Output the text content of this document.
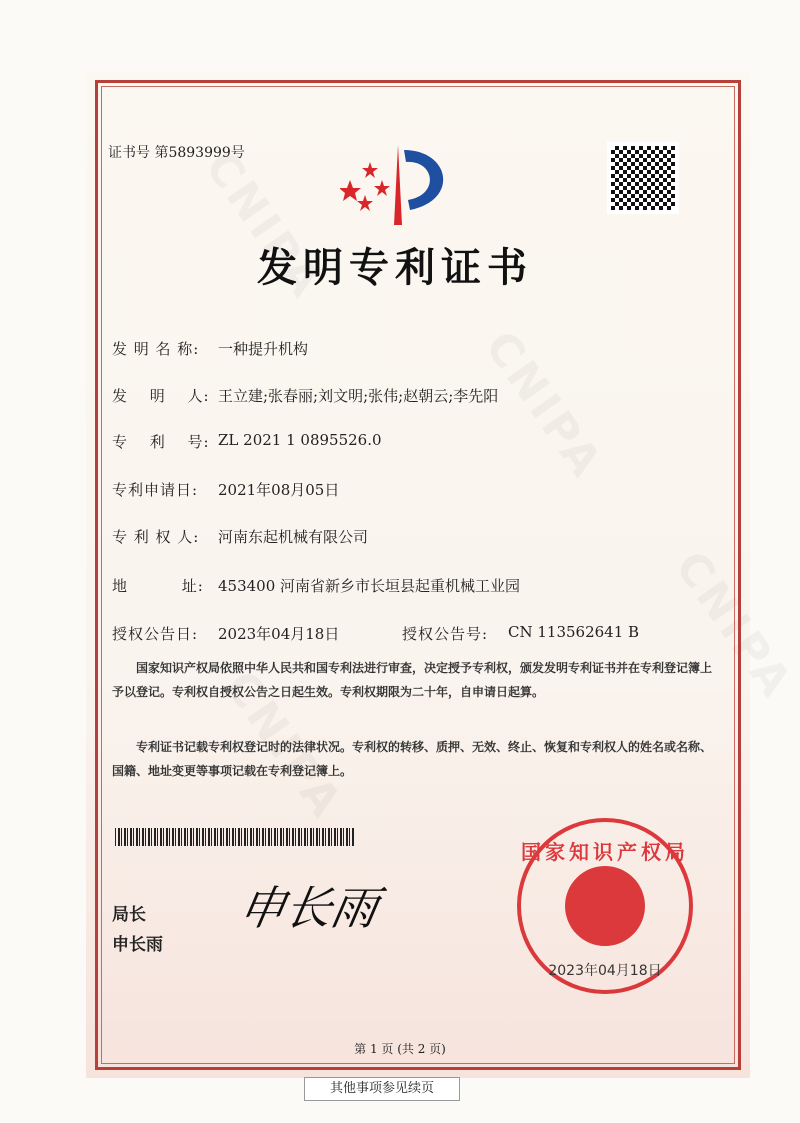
证书号 第5893999号
发明专利证书
发 明 名 称:	一种提升机构
发　 明　 人: 王立建;张春丽;刘文明;张伟;赵朝云;李先阳
专　 利　 号: ZL 2021 1 0895526.0
专利申请日:	2021年08月05日
专 利 权 人:	河南东起机械有限公司
地　　　 址: 453400 河南省新乡市长垣县起重机械工业园
授权公告日:	2023年04月18日	授权公告号:	CN 113562641 B
国家知识产权局依照中华人民共和国专利法进行审查，决定授予专利权，颁发发明专利证书并在专利登记簿上予以登记。专利权自授权公告之日起生效。专利权期限为二十年，自申请日起算。
专利证书记载专利权登记时的法律状况。专利权的转移、质押、无效、终止、恢复和专利权人的姓名或名称、国籍、地址变更等事项记载在专利登记簿上。
局长
申长雨
申长雨
国家知识产权局
2023年04月18日
第 1 页 (共 2 页)
其他事项参见续页
